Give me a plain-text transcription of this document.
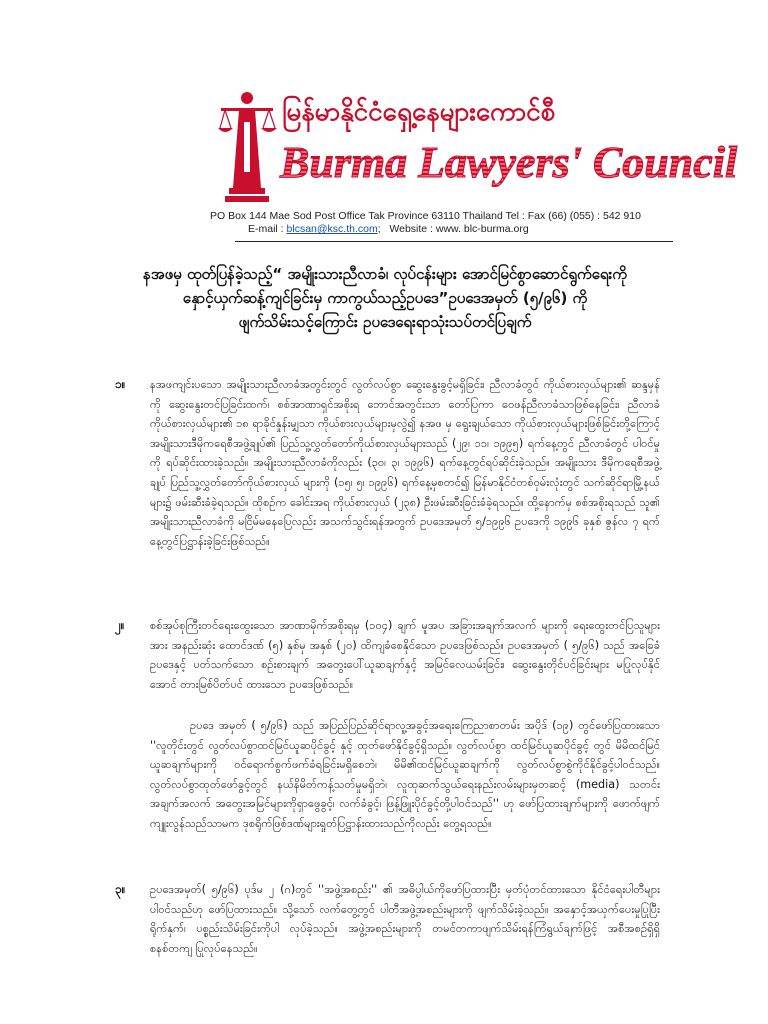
မြန်မာနိုင်ငံရှေ့နေများကောင်စီ
Burma Lawyers' Council
PO Box 144 Mae Sod Post Office Tak Province 63110 Thailand Tel : Fax (66) (055) : 542 910
E-mail : blcsan@ksc.th.com;   Website : www. blc-burma.org
နအဖမှ ထုတ်ပြန်ခဲ့သည့်“ အမျိုးသားညီလာခံ၊ လုပ်ငန်းများ အောင်မြင်စွာဆောင်ရွက်ရေးကို
နှောင့်ယှက်ဆန့်ကျင်ခြင်းမှ ကာကွယ်သည့်ဥပဒေ”ဥပဒေအမှတ် (၅/၉၆) ကို
ဖျက်သိမ်းသင့်ကြောင်း ဥပဒေရေးရာသုံးသပ်တင်ပြချက်
၁။ နအဖကျင်းပသော အမျိုးသားညီလာခံအတွင်းတွင် လွတ်လပ်စွာ ဆွေးနွေးခွင့်မရှိခြင်း၊ ညီလာခံတွင် ကိုယ်စားလှယ်များ၏ ဆန္ဒမှန်ကို ဆွေးနွေးတင်ပြခြင်းထက်၊ စစ်အာဏာရှင်အစိုးရ ဘောင်အတွင်းသာ တော်ပြကာ ဝေဖန်ညီလာခံသာဖြစ်နေခြင်း၊ ညီလာခံကိုယ်စားလှယ်များ၏ ၁၈ ရာခိုင်နှုန်းမျှသာ ကိုယ်စားလှယ်များမှလွဲ၍ နအဖ မှ ရွေးချယ်သော ကိုယ်စားလှယ်များဖြစ်ခြင်းတို့ကြောင့် အမျိုးသားဒီမိုကရေစီအဖွဲ့ချုပ်၏ ပြည်သူ့လွှတ်တော်ကိုယ်စားလှယ်များသည် (၂၉၊ ၁၁၊ ၁၉၉၅) ရက်နေ့တွင် ညီလာခံတွင် ပါဝင်မှုကို ရပ်ဆိုင်းထားခဲ့သည်။ အမျိုးသားညီလာခံကိုလည်း (၃၀၊ ၃၊ ၁၉၉၆) ရက်နေ့တွင်ရပ်ဆိုင်းခဲ့သည်။ အမျိုးသား ဒီမိုကရေစီအဖွဲ့ချုပ် ပြည်သူ့လွှတ်တော်ကိုယ်စားလှယ် များကို (၁၅၊ ၅၊ ၁၉၉၆) ရက်နေ့မှစတင်၍ မြန်မာနိုင်ငံတစ်ဝှမ်းလုံးတွင် သက်ဆိုင်ရာမြို့နယ်များ၌ ဖမ်းဆီးခံခဲ့ရသည်။ ထိုစဉ်က ခေါင်းအရ ကိုယ်စားလှယ် (၂၃၈) ဦးဖမ်းဆီးခြင်းခံခဲ့ရသည်။ ထို့နောက်မှ စစ်အစိုးရသည် သူ၏ အမျိုးသားညီလာခံကို မငြိမ်မနေပြေလည်း အသက်သွင်းရန်အတွက် ဥပဒေအမှတ် ၅/၁၉၉၆ ဥပဒေကို ၁၉၉၆ ခုနှစ် ဇွန်လ ၇ ရက်နေ့တွင်ပြဋ္ဌာန်းခဲ့ခြင်းဖြစ်သည်။
၂။ စစ်အုပ်စုကြီးတင်ရေးထွေးသော အာဏာမိုက်အစိုးရမှ (၁၀၄) ချက် မူအပ အခြားအချက်အလက် များကို ရေးထွေးတင်ပြသူများအား အနည်းဆုံး ထောင်ဒဏ် (၅) နှစ်မှ အနှစ် (၂၀) ထိကျခံစေနိုင်သော ဥပဒေဖြစ်သည်။ ဥပဒေအမှတ် ( ၅/၉၆) သည် အခြေခံဥပဒေနှင့် ပတ်သက်သော စဉ်းစားချက် အတွေးပေါ်ယူဆချက်နှင့် အမြင်လေယမ်းခြင်း၊ ဆွေးနွေးတိုင်ပင်ခြင်းများ မပြုလုပ်နိုင်အောင် တားမြစ်ပိတ်ပင် ထားသော ဥပဒေဖြစ်သည်။
ဥပဒေ အမှတ် ( ၅/၉၆) သည် အပြည်ပြည်ဆိုင်ရာလူ့အခွင့်အရေးကြေညာစာတမ်း အပိုဒ် (၁၉) တွင်ဖော်ပြထားသော ''လူတိုင်းတွင် လွတ်လပ်စွာထင်မြင်ယူဆပိုင်ခွင့် နှင့် ထုတ်ဖော်နိုင်ခွင့်ရှိသည်။ လွတ်လပ်စွာ ထင်မြင်ယူဆပိုင်ခွင့် တွင် မိမိထင်မြင်ယူဆချက်များကို ဝင်ရောက်စွက်ဖက်ခံရခြင်းမရှိစေဘဲ၊ မိမိ၏ထင်မြင်ယူဆချက်ကို လွတ်လပ်စွာစွဲကိုင်နိုင်ခွင့်ပါဝင်သည်။ လွတ်လပ်စွာထုတ်ဖော်ခွင့်တွင် နယ်နိမိတ်ကန့်သတ်မှုမရှိဘဲ၊ လူထုဆက်သွယ်ရေးနည်းလမ်းများမှတဆင့် (media) သတင်းအချက်အလက် အတွေးအမြင်များကိုရှာဖွေခွင့်၊ လက်ခံခွင့်၊ ဖြန့်ဖြူးပိုင်ခွင့်တို့ပါဝင်သည်'' ဟု ဖော်ပြထားချက်များကို ဖောက်ဖျက်ကျူးလွန်သည်သာမက ဒုစရိုက်ဖြစ်ဒဏ်များရှုတ်ပြဋ္ဌာန်းထားသည်ကိုလည်း တွေ့ရသည်။
၃။ ဥပဒေအမှတ်( ၅/၉၆) ပုဒ်မ ၂ (ဂ)တွင် ''အဖွဲ့အစည်း'' ၏ အဓိပ္ပါယ်ကိုဖော်ပြထားပြီး မှတ်ပုံတင်ထားသော နိုင်ငံရေးပါတီများပါဝင်သည်ဟု ဖော်ပြထားသည်။ သို့သော် လက်တွေ့တွင် ပါတီအဖွဲ့အစည်းများကို ဖျက်သိမ်းခဲ့သည်။ အနှောင့်အယှက်ပေးမှုပြုပြီး ရိုက်နှက်၊ ပစ္စည်းသိမ်းခြင်းကိုပါ လုပ်ခဲ့သည်။ အဖွဲ့အစည်းများကို တမင်တကာဖျက်သိမ်းရန်ကြံရွယ်ချက်ဖြင့် အစီအစဉ်ရှိရှိ စနစ်တကျ ပြုလုပ်နေသည်။
